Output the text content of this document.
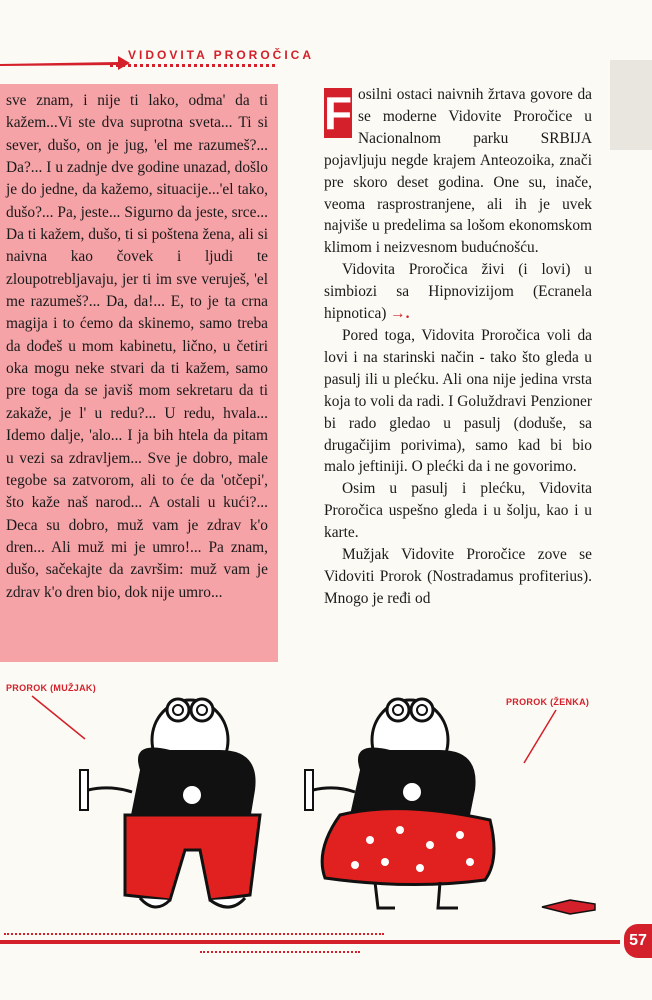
VIDOVITA PROROČICA
sve znam, i nije ti lako, odma' da ti kažem...Vi ste dva suprotna sveta... Ti si sever, dušo, on je jug, 'el me razumeš?... Da?... I u zadnje dve godine unazad, došlo je do jedne, da kažemo, situacije...'el tako, dušo?... Pa, jeste... Sigurno da jeste, srce... Da ti kažem, dušo, ti si poštena žena, ali si naivna kao čovek i ljudi te zloupotrebljavaju, jer ti im sve veruješ, 'el me razumeš?... Da, da!... E, to je ta crna magija i to ćemo da skinemo, samo treba da dođeš u mom kabinetu, lično, u četiri oka mogu neke stvari da ti kažem, samo pre toga da se javiš mom sekretaru da ti zakaže, je l' u redu?... U redu, hvala... Idemo dalje, 'alo... I ja bih htela da pitam u vezi sa zdravljem... Sve je dobro, male tegobe sa zatvorom, ali to će da 'otčepi', što kaže naš narod... A ostali u kući?... Deca su dobro, muž vam je zdrav k'o dren... Ali muž mi je umro!... Pa znam, dušo, sačekajte da završim: muž vam je zdrav k'o dren bio, dok nije umro...

F osilni ostaci naivnih žrtava govore da se moderne Vidovite Proročice u Nacionalnom parku SRBIJA pojavljuju negde krajem Anteozoika, znači pre skoro deset godina. One su, inače, veoma rasprostranjene, ali ih je uvek najviše u predelima sa lošom ekonomskom klimom i neizvesnom budućnošću.

Vidovita Proročica živi (i lovi) u simbiozi sa Hipnovizijom (Ecranela hipnotica) →.

Pored toga, Vidovita Proročica voli da lovi i na starinski način - tako što gleda u pasulj ili u plećku. Ali ona nije jedina vrsta koja to voli da radi. I Goluždravi Penzioner bi rado gledao u pasulj (doduše, sa drugačijim porivima), samo kad bi bio malo jeftiniji. O plećki da i ne govorimo.

Osim u pasulj i plećku, Vidovita Proročica uspešno gleda i u šolju, kao i u karte.

Mužjak Vidovite Proročice zove se Vidoviti Prorok (Nostradamus profiterius). Mnogo je ređi od

PROROK (MUŽJAK)
PROROK (ŽENKA)
57
